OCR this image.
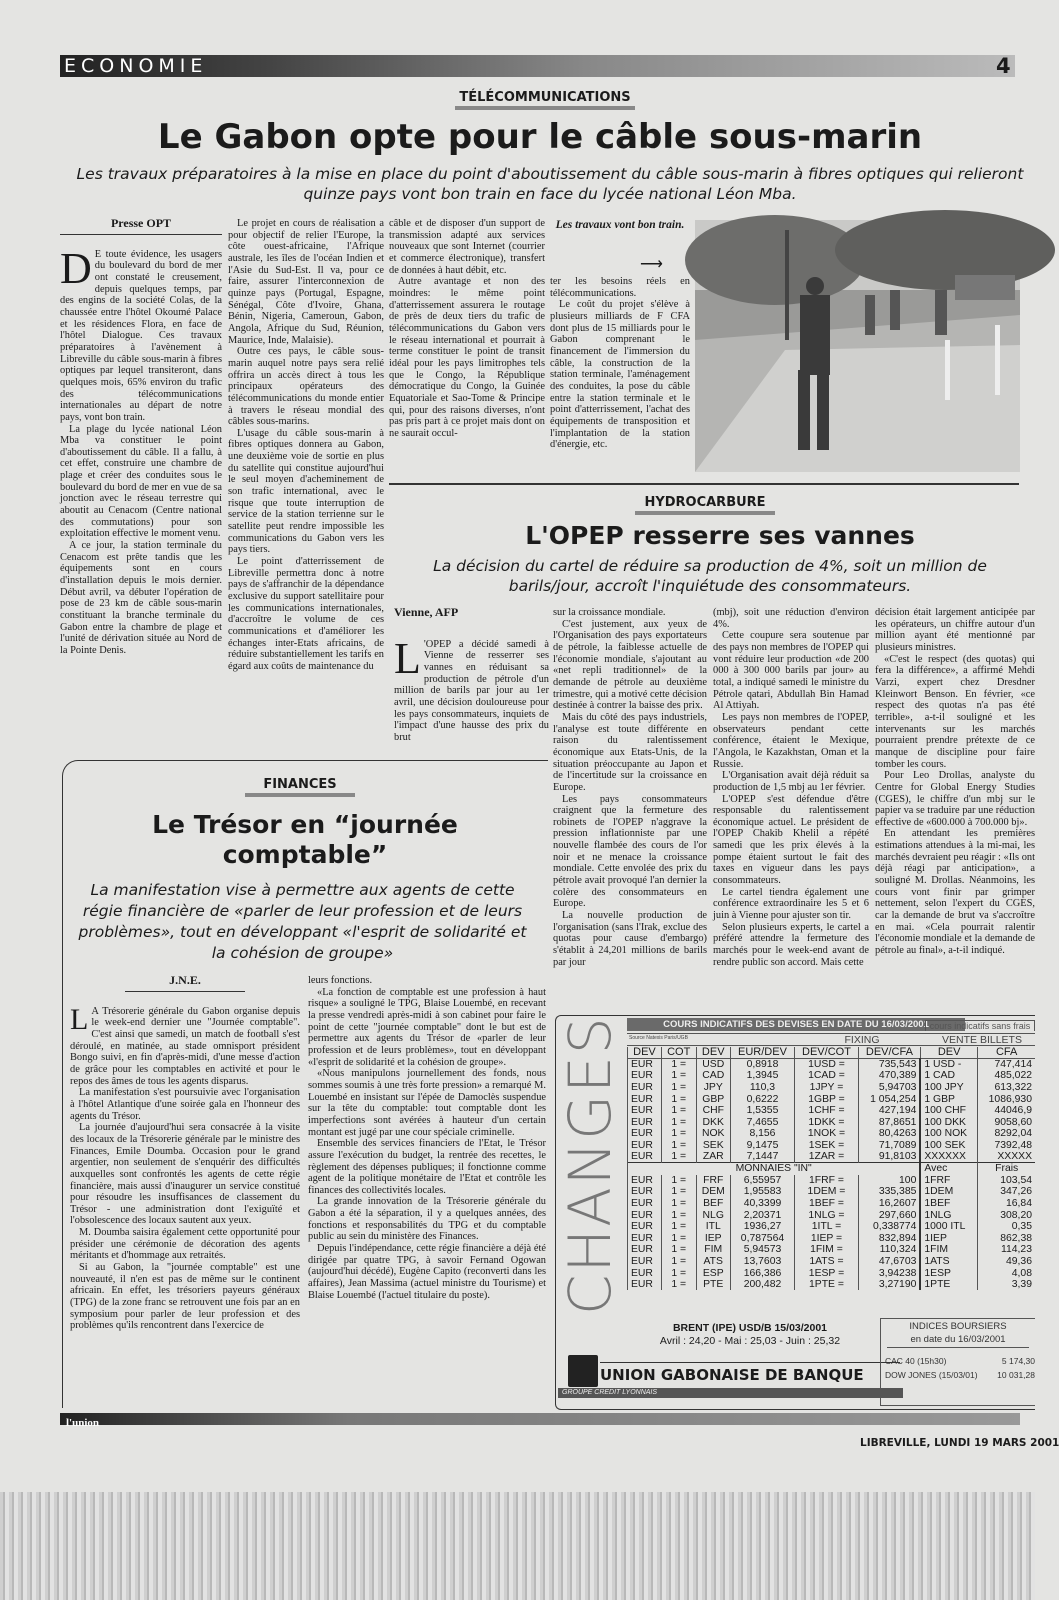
ECONOMIE	4
TÉLÉCOMMUNICATIONS
Le Gabon opte pour le câble sous-marin
Les travaux préparatoires à la mise en place du point d'aboutissement du câble sous-marin à fibres optiques qui relieront quinze pays vont bon train en face du lycée national Léon Mba.
Presse OPT

D E toute évidence, les usagers du boulevard du bord de mer ont constaté le creusement, depuis quelques temps, par des engins de la société Colas, de la chaussée entre l'hôtel Okoumé Palace et les résidences Flora, en face de l'hôtel Dialogue. Ces travaux préparatoires à l'avènement à Libreville du câble sous-marin à fibres optiques par lequel transiteront, dans quelques mois, 65% environ du trafic des télécommunications internationales au départ de notre pays, vont bon train.

La plage du lycée national Léon Mba va constituer le point d'aboutissement du câble. Il a fallu, à cet effet, construire une chambre de plage et créer des conduites sous le boulevard du bord de mer en vue de sa jonction avec le réseau terrestre qui aboutit au Cenacom (Centre national des commutations) pour son exploitation effective le moment venu.

A ce jour, la station terminale du Cenacom est prête tandis que les équipements sont en cours d'installation depuis le mois dernier. Début avril, va débuter l'opération de pose de 23 km de câble sous-marin constituant la branche terminale du Gabon entre la chambre de plage et l'unité de dérivation située au Nord de la Pointe Denis.

Le projet en cours de réalisation a pour objectif de relier l'Europe, la côte ouest-africaine, l'Afrique australe, les îles de l'océan Indien et l'Asie du Sud-Est. Il va, pour ce faire, assurer l'interconnexion de quinze pays (Portugal, Espagne, Sénégal, Côte d'Ivoire, Ghana, Bénin, Nigeria, Cameroun, Gabon, Angola, Afrique du Sud, Réunion, Maurice, Inde, Malaisie).

Outre ces pays, le câble sous-marin auquel notre pays sera relié offrira un accès direct à tous les principaux opérateurs des télécommunications du monde entier à travers le réseau mondial des câbles sous-marins.

L'usage du câble sous-marin à fibres optiques donnera au Gabon, une deuxième voie de sortie en plus du satellite qui constitue aujourd'hui le seul moyen d'acheminement de son trafic international, avec le risque que toute interruption de service de la station terrienne sur le satellite peut rendre impossible les communications du Gabon vers les pays tiers.

Le point d'atterrissement de Libreville permettra donc à notre pays de s'affranchir de la dépendance exclusive du support satellitaire pour les communications internationales, d'accroître le volume de ces communications et d'améliorer les échanges inter-Etats africains, de réduire substantiellement les tarifs en égard aux coûts de maintenance du

câble et de disposer d'un support de transmission adapté aux services nouveaux que sont Internet (courrier et commerce électronique), transfert de données à haut débit, etc.

Autre avantage et non des moindres: le même point d'atterrissement assurera le routage de près de deux tiers du trafic de télécommunications du Gabon vers le réseau international et pourrait à terme constituer le point de transit idéal pour les pays limitrophes tels que le Congo, la République démocratique du Congo, la Guinée Equatoriale et Sao-Tome & Principe qui, pour des raisons diverses, n'ont pas pris part à ce projet mais dont on ne saurait occul-

Les travaux vont bon train.
⟶

ter les besoins réels en télécommunications.

Le coût du projet s'élève à plusieurs milliards de F CFA dont plus de 15 milliards pour le Gabon comprenant le financement de l'immersion du câble, la construction de la station terminale, l'aménagement des conduites, la pose du câble entre la station terminale et le point d'atterrissement, l'achat des équipements de transposition et l'implantation de la station d'énergie, etc.

HYDROCARBURE
L'OPEP resserre ses vannes
La décision du cartel de réduire sa production de 4%, soit un million de barils/jour, accroît l'inquiétude des consommateurs.
Vienne, AFP

L 'OPEP a décidé samedi à Vienne de resserrer ses vannes en réduisant sa production de pétrole d'un million de barils par jour au 1er avril, une décision douloureuse pour les pays consommateurs, inquiets de l'impact d'une hausse des prix du brut

sur la croissance mondiale.

C'est justement, aux yeux de l'Organisation des pays exportateurs de pétrole, la faiblesse actuelle de l'économie mondiale, s'ajoutant au «net repli traditionnel» de la demande de pétrole au deuxième trimestre, qui a motivé cette décision destinée à contrer la baisse des prix.

Mais du côté des pays industriels, l'analyse est toute différente en raison du ralentissement économique aux Etats-Unis, de la situation préoccupante au Japon et de l'incertitude sur la croissance en Europe.

Les pays consommateurs craignent que la fermeture des robinets de l'OPEP n'aggrave la pression inflationniste par une nouvelle flambée des cours de l'or noir et ne menace la croissance mondiale. Cette envolée des prix du pétrole avait provoqué l'an dernier la colère des consommateurs en Europe.

La nouvelle production de l'organisation (sans l'Irak, exclue des quotas pour cause d'embargo) s'établit à 24,201 millions de barils par jour

(mbj), soit une réduction d'environ 4%.

Cette coupure sera soutenue par des pays non membres de l'OPEP qui vont réduire leur production «de 200 000 à 300 000 barils par jour» au total, a indiqué samedi le ministre du Pétrole qatari, Abdullah Bin Hamad Al Attiyah.

Les pays non membres de l'OPEP, observateurs pendant cette conférence, étaient le Mexique, l'Angola, le Kazakhstan, Oman et la Russie.

L'Organisation avait déjà réduit sa production de 1,5 mbj au 1er février.

L'OPEP s'est défendue d'être responsable du ralentissement économique actuel. Le président de l'OPEP Chakib Khelil a répété samedi que les prix élevés à la pompe étaient surtout le fait des taxes en vigueur dans les pays consommateurs.

Le cartel tiendra également une conférence extraordinaire les 5 et 6 juin à Vienne pour ajuster son tir.

Selon plusieurs experts, le cartel a préféré attendre la fermeture des marchés pour le week-end avant de rendre public son accord. Mais cette

décision était largement anticipée par les opérateurs, un chiffre autour d'un million ayant été mentionné par plusieurs ministres.

«C'est le respect (des quotas) qui fera la différence», a affirmé Mehdi Varzi, expert chez Dresdner Kleinwort Benson. En février, «ce respect des quotas n'a pas été terrible», a-t-il souligné et les intervenants sur les marchés pourraient prendre prétexte de ce manque de discipline pour faire tomber les cours.

Pour Leo Drollas, analyste du Centre for Global Energy Studies (CGES), le chiffre d'un mbj sur le papier va se traduire par une réduction effective de «600.000 à 700.000 bj».

En attendant les premières estimations attendues à la mi-mai, les marchés devraient peu réagir : «Ils ont déjà réagi par anticipation», a souligné M. Drollas. Néanmoins, les cours vont finir par grimper nettement, selon l'expert du CGES, car la demande de brut va s'accroître en mai. «Cela pourrait ralentir l'économie mondiale et la demande de pétrole au final», a-t-il indiqué.

FINANCES
Le Trésor en “journée comptable”
La manifestation vise à permettre aux agents de cette régie financière de «parler de leur profession et de leurs problèmes», tout en développant «l'esprit de solidarité et la cohésion de groupe»
J.N.E.

L A Trésorerie générale du Gabon organise depuis le week-end dernier une "Journée comptable". C'est ainsi que samedi, un match de football s'est déroulé, en matinée, au stade omnisport président Bongo suivi, en fin d'après-midi, d'une messe d'action de grâce pour les comptables en activité et pour le repos des âmes de tous les agents disparus.

La manifestation s'est poursuivie avec l'organisation à l'hôtel Atlantique d'une soirée gala en l'honneur des agents du Trésor.

La journée d'aujourd'hui sera consacrée à la visite des locaux de la Trésorerie générale par le ministre des Finances, Emile Doumba. Occasion pour le grand argentier, non seulement de s'enquérir des difficultés auxquelles sont confrontés les agents de cette régie financière, mais aussi d'inaugurer un service constitué pour résoudre les insuffisances de classement du Trésor - une administration dont l'exiguïté et l'obsolescence des locaux sautent aux yeux.

M. Doumba saisira également cette opportunité pour présider une cérémonie de décoration des agents méritants et d'hommage aux retraités.

Si au Gabon, la "journée comptable" est une nouveauté, il n'en est pas de même sur le continent africain. En effet, les trésoriers payeurs généraux (TPG) de la zone franc se retrouvent une fois par an en symposium pour parler de leur profession et des problèmes qu'ils rencontrent dans l'exercice de

leurs fonctions.

«La fonction de comptable est une profession à haut risque» a souligné le TPG, Blaise Louembé, en recevant la presse vendredi après-midi à son cabinet pour faire le point de cette "journée comptable" dont le but est de permettre aux agents du Trésor de «parler de leur profession et de leurs problèmes», tout en développant «l'esprit de solidarité et la cohésion de groupe».

«Nous manipulons journellement des fonds, nous sommes soumis à une très forte pression» a remarqué M. Louembé en insistant sur l'épée de Damoclès suspendue sur la tête du comptable: tout comptable dont les imperfections sont avérées à hauteur d'un certain montant est jugé par une cour spéciale criminelle.

Ensemble des services financiers de l'Etat, le Trésor assure l'exécution du budget, la rentrée des recettes, le règlement des dépenses publiques; il fonctionne comme agent de la politique monétaire de l'Etat et contrôle les finances des collectivités locales.

La grande innovation de la Trésorerie générale du Gabon a été la séparation, il y a quelques années, des fonctions et responsabilités du TPG et du comptable public au sein du ministère des Finances.

Depuis l'indépendance, cette régie financière a déjà été dirigée par quatre TPG, à savoir Fernand Ogowan (aujourd'hui décédé), Eugène Capito (reconverti dans les affaires), Jean Massima (actuel ministre du Tourisme) et Blaise Louembé (l'actuel titulaire du poste).	CHANGES	COURS INDICATIFS DES DEVISES EN DATE DU 16/03/2001 cours indicatifs sans frais
Source Natexis Paris/UGB	FIXING	VENTE BILLETS
DEV	COT	DEV	EUR/DEV	DEV/COT	DEV/CFA	DEV	CFA
EUR	1 =	USD	0,8918	1USD =	735,543	1 USD -	747,414
EUR	1 =	CAD	1,3945	1CAD =	470,389	1 CAD	485,022
EUR	1 =	JPY	110,3	1JPY =	5,94703	100 JPY	613,322
EUR	1 =	GBP	0,6222	1GBP =	1 054,254	1 GBP	1086,930
EUR	1 =	CHF	1,5355	1CHF =	427,194	100 CHF	44046,9
EUR	1 =	DKK	7,4655	1DKK =	87,8651	100 DKK	9058,60
EUR	1 =	NOK	8,156	1NOK =	80,4263	100 NOK	8292,04
EUR	1 =	SEK	9,1475	1SEK =	71,7089	100 SEK	7392,48
EUR	1 =	ZAR	7,1447	1ZAR =	91,8103	XXXXXX	XXXXX
MONNAIES "IN"						Avec	Frais
EUR	1 =	FRF	6,55957	1FRF =	100	1FRF	103,54
EUR	1 =	DEM	1,95583	1DEM =	335,385	1DEM	347,26
EUR	1 =	BEF	40,3399	1BEF =	16,2607	1BEF	16,84
EUR	1 =	NLG	2,20371	1NLG =	297,660	1NLG	308,20
EUR	1 =	ITL	1936,27	1ITL =	0,338774	1000 ITL	0,35
EUR	1 =	IEP	0,787564	1IEP =	832,894	1IEP	862,38
EUR	1 =	FIM	5,94573	1FIM =	110,324	1FIM	114,23
EUR	1 =	ATS	13,7603	1ATS =	47,6703	1ATS	49,36
EUR	1 =	ESP	166,386	1ESP =	3,94238	1ESP	4,08
EUR	1 =	PTE	200,482	1PTE =	3,27190	1PTE	3,39
BRENT (IPE) USD/B 15/03/2001
Avril : 24,20 - Mai : 25,03 - Juin : 25,32
UNION GABONAISE DE BANQUE
GROUPE CREDIT LYONNAIS
INDICES BOURSIERS
en date du 16/03/2001
CAC 40 (15h30)	5 174,30
DOW JONES (15/03/01) 10 031,28
l'union
LIBREVILLE, LUNDI 19 MARS 2001
